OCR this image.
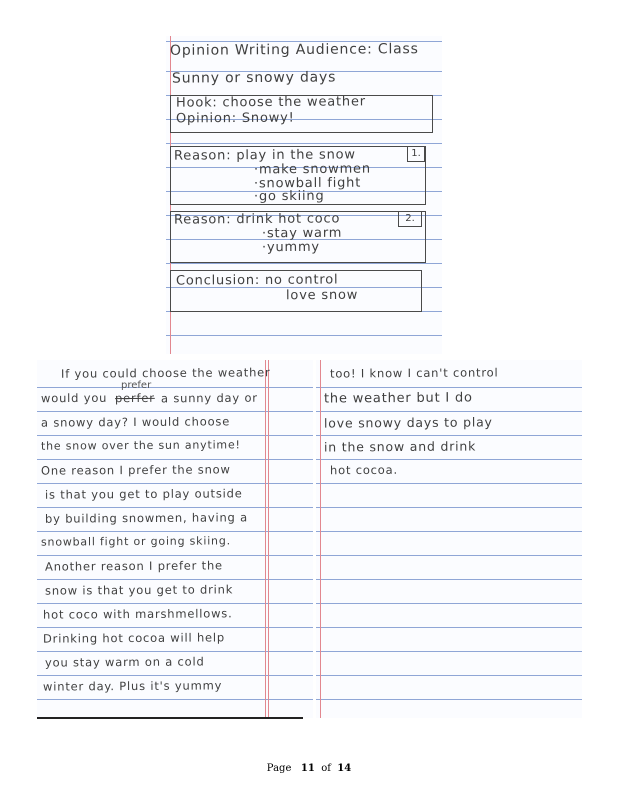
Opinion Writing Audience: Class
Sunny or snowy days
Hook: choose the weather
Opinion: Snowy!
1.
Reason: play in the snow
·make snowmen
·snowball fight
·go skiing
2.
Reason: drink hot coco
·stay warm
·yummy
Conclusion: no control
love snow
If you could choose the weather
prefer
would you perfer a sunny day or
a snowy day? I would choose
the snow over the sun anytime!
One reason I prefer the snow
is that you get to play outside
by building snowmen, having a
snowball fight or going skiing.
Another reason I prefer the
snow is that you get to drink
hot coco with marshmellows.
Drinking hot cocoa will help
you stay warm on a cold
winter day. Plus it's yummy
too! I know I can't control
the weather but I do
love snowy days to play
in the snow and drink
hot cocoa.
Page 11 of 14
